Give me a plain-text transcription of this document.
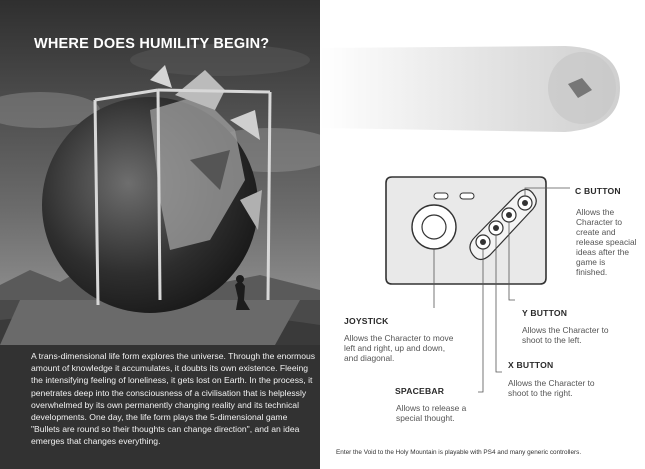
WHERE DOES HUMILITY BEGIN?
A trans-dimensional life form explores the universe. Through the enormous amount of knowledge it accumulates, it doubts its own existence. Fleeing the intensifying feeling of loneliness, it gets lost on Earth. In the process, it penetrates deep into the consciousness of a civilisation that is helplessly overwhelmed by its own permanently changing reality and its technical developments. One day, the life form plays the 5-dimensional game "Bullets are round so their thoughts can change direction", and an idea emerges that changes everything.
C BUTTON
Allows the Character to create and release speacial ideas after the game is finished.
JOYSTICK
Allows the Character to move left and right, up and down, and diagonal.
Y BUTTON
Allows the Character to shoot to the left.
X BUTTON
Allows the Character to shoot to the right.
SPACEBAR
Allows to release a special thought.
Enter the Void to the Holy Mountain is playable with PS4 and many generic controllers.
